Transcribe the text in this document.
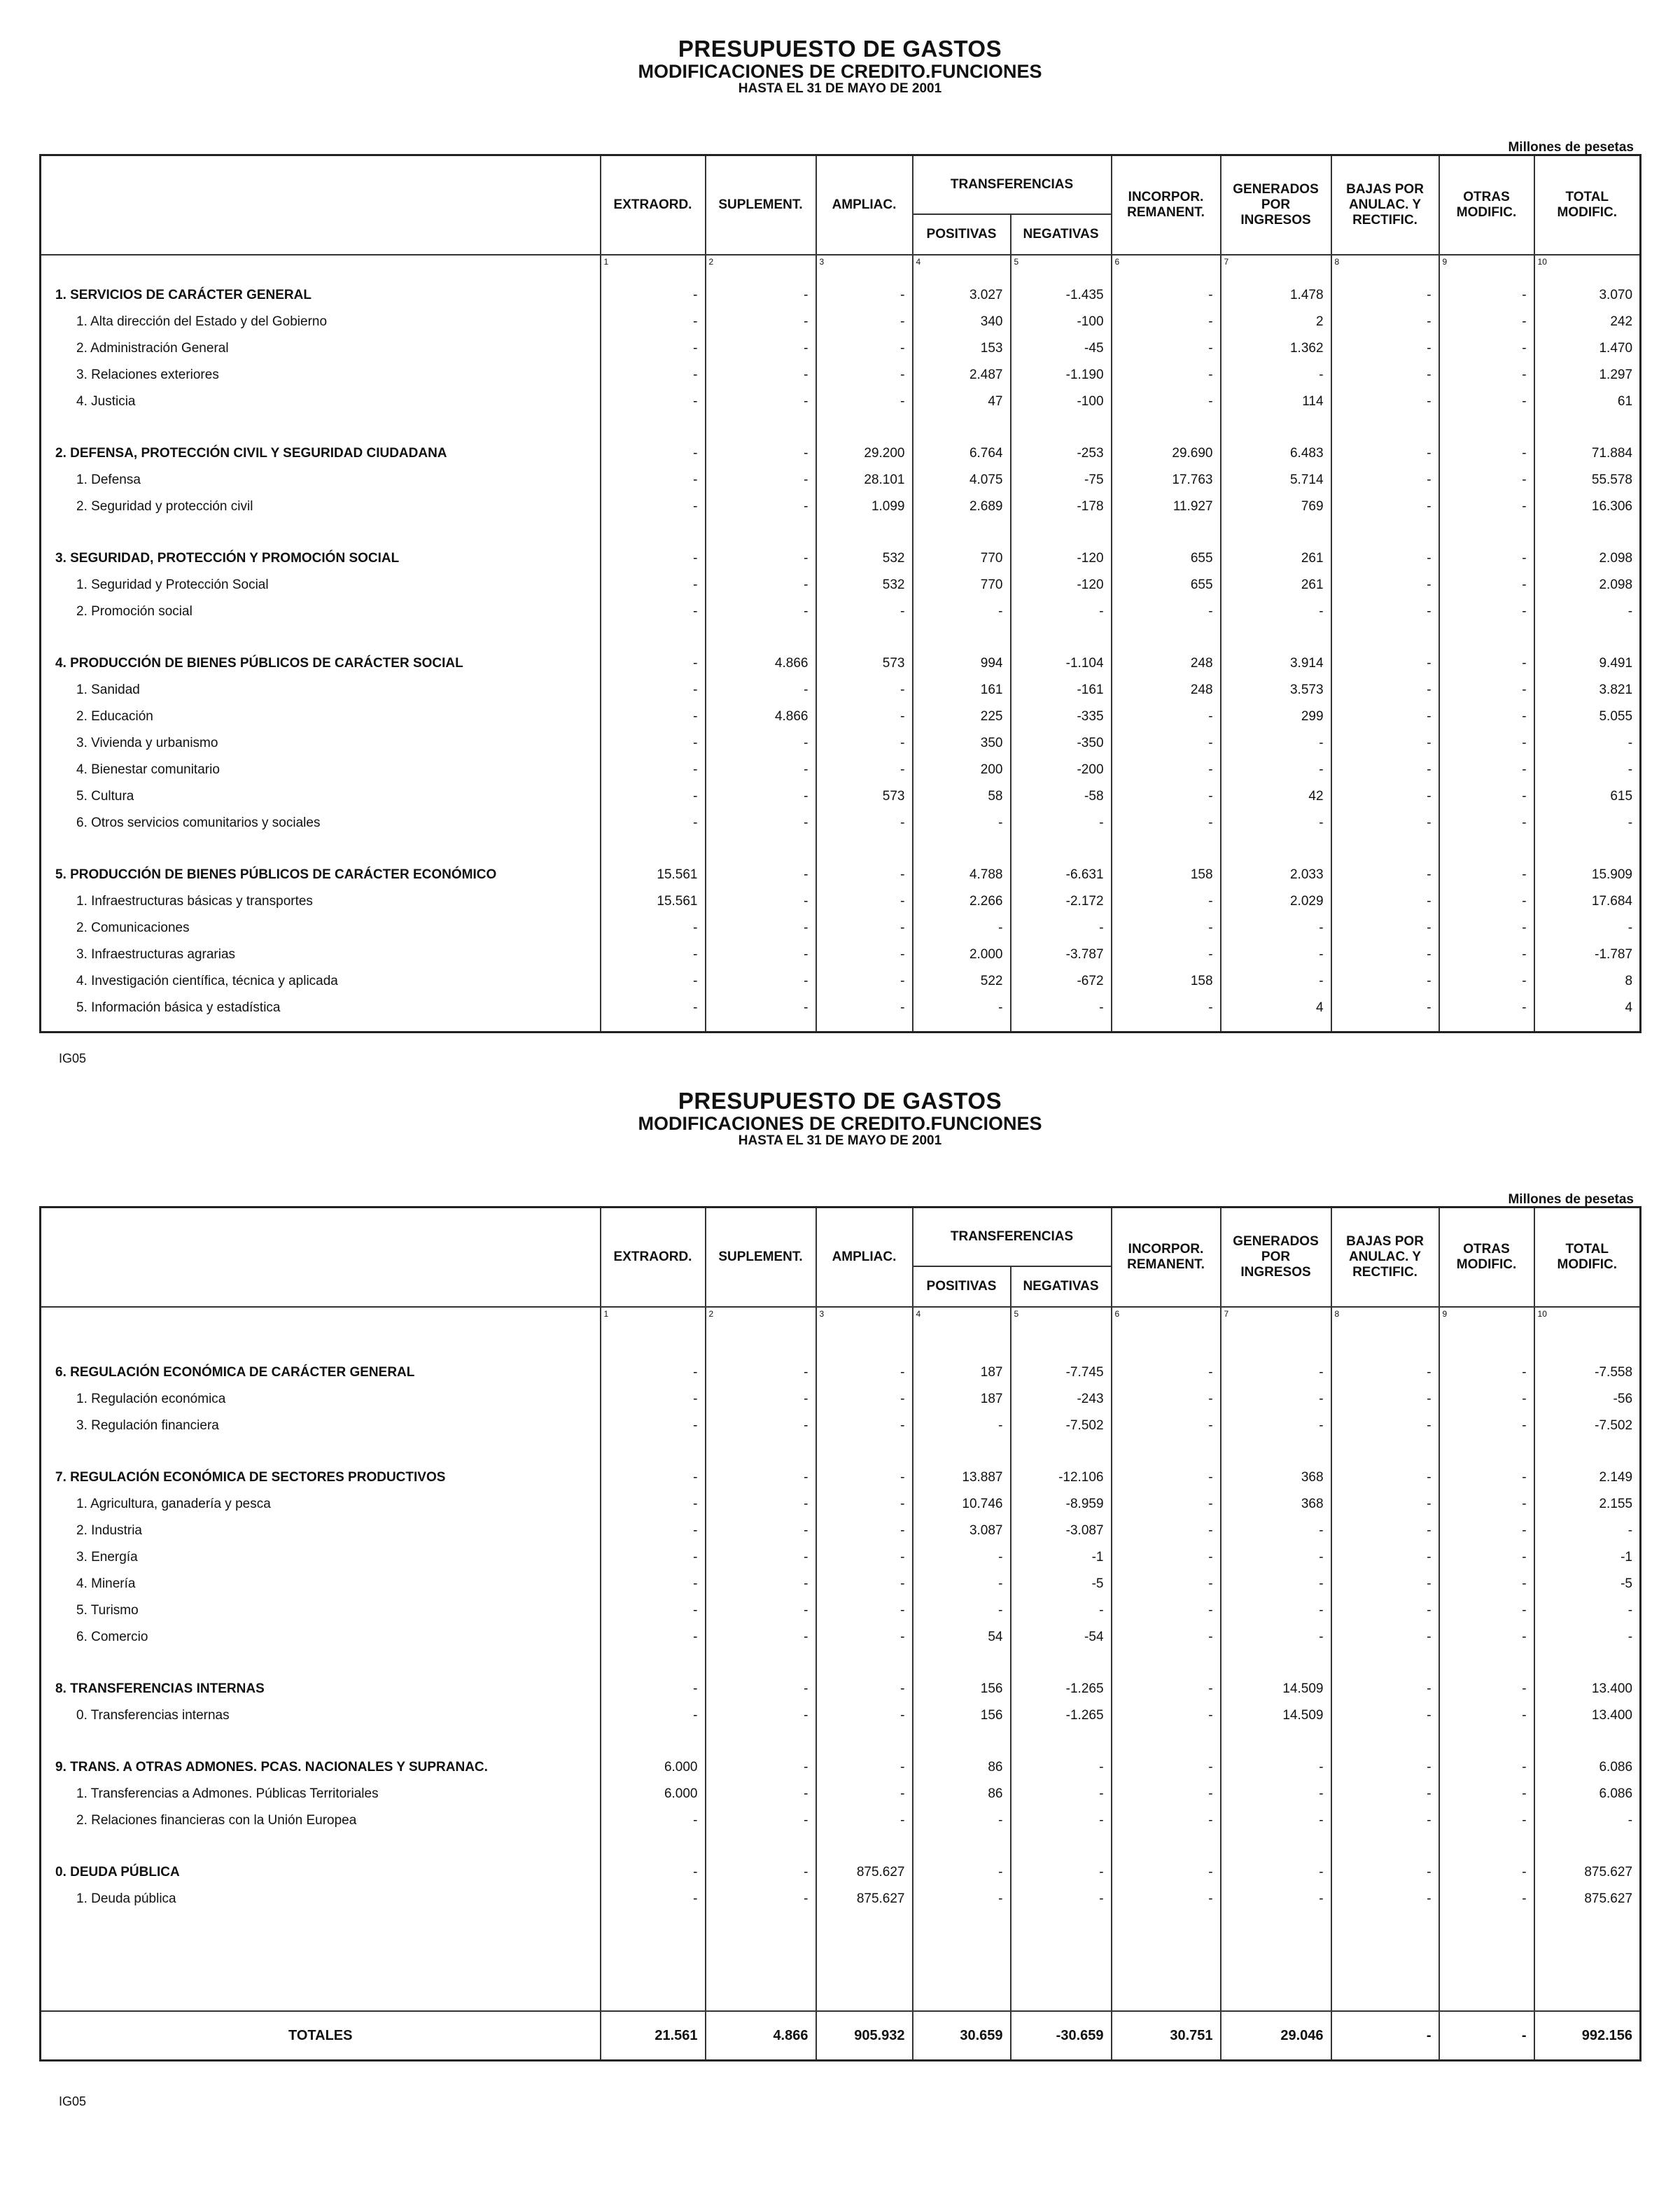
PRESUPUESTO DE GASTOS
MODIFICACIONES DE CREDITO.FUNCIONES
HASTA EL 31 DE MAYO DE 2001
Millones de pesetas
	EXTRAORD.	SUPLEMENT.	AMPLIAC.	TRANSFERENCIAS		INCORPOR.
REMANENT.	GENERADOS
POR
INGRESOS	BAJAS POR
ANULAC. Y
RECTIFIC.	OTRAS
MODIFIC.	TOTAL
MODIFIC.
				POSITIVAS	NEGATIVAS					
	1	2	3	4	5	6	7	8	9	10

1. SERVICIOS DE CARÁCTER GENERAL	-	-	-	3.027	-1.435	-	1.478	-	-	3.070
1. Alta dirección del Estado y del Gobierno	-	-	-	340	-100	-	2	-	-	242
2. Administración General	-	-	-	153	-45	-	1.362	-	-	1.470
3. Relaciones exteriores	-	-	-	2.487	-1.190	-	-	-	-	1.297
4. Justicia	-	-	-	47	-100	-	114	-	-	61

2. DEFENSA, PROTECCIÓN CIVIL Y SEGURIDAD CIUDADANA	-	-	29.200	6.764	-253	29.690	6.483	-	-	71.884
1. Defensa	-	-	28.101	4.075	-75	17.763	5.714	-	-	55.578
2. Seguridad y protección civil	-	-	1.099	2.689	-178	11.927	769	-	-	16.306

3. SEGURIDAD, PROTECCIÓN Y PROMOCIÓN SOCIAL	-	-	532	770	-120	655	261	-	-	2.098
1. Seguridad y Protección Social	-	-	532	770	-120	655	261	-	-	2.098
2. Promoción social	-	-	-	-	-	-	-	-	-	-

4. PRODUCCIÓN DE BIENES PÚBLICOS DE CARÁCTER SOCIAL	-	4.866	573	994	-1.104	248	3.914	-	-	9.491
1. Sanidad	-	-	-	161	-161	248	3.573	-	-	3.821
2. Educación	-	4.866	-	225	-335	-	299	-	-	5.055
3. Vivienda y urbanismo	-	-	-	350	-350	-	-	-	-	-
4. Bienestar comunitario	-	-	-	200	-200	-	-	-	-	-
5. Cultura	-	-	573	58	-58	-	42	-	-	615
6. Otros servicios comunitarios y sociales	-	-	-	-	-	-	-	-	-	-

5. PRODUCCIÓN DE BIENES PÚBLICOS DE CARÁCTER ECONÓMICO	15.561	-	-	4.788	-6.631	158	2.033	-	-	15.909
1. Infraestructuras básicas y transportes	15.561	-	-	2.266	-2.172	-	2.029	-	-	17.684
2. Comunicaciones	-	-	-	-	-	-	-	-	-	-
3. Infraestructuras agrarias	-	-	-	2.000	-3.787	-	-	-	-	-1.787
4. Investigación científica, técnica y aplicada	-	-	-	522	-672	158	-	-	-	8
5. Información básica y estadística	-	-	-	-	-	-	4	-	-	4

IG05
PRESUPUESTO DE GASTOS
MODIFICACIONES DE CREDITO.FUNCIONES
HASTA EL 31 DE MAYO DE 2001
Millones de pesetas
	EXTRAORD.	SUPLEMENT.	AMPLIAC.	TRANSFERENCIAS		INCORPOR.
REMANENT.	GENERADOS
POR
INGRESOS	BAJAS POR
ANULAC. Y
RECTIFIC.	OTRAS
MODIFIC.	TOTAL
MODIFIC.
				POSITIVAS	NEGATIVAS					
	1	2	3	4	5	6	7	8	9	10

6. REGULACIÓN ECONÓMICA DE CARÁCTER GENERAL	-	-	-	187	-7.745	-	-	-	-	-7.558
1. Regulación económica	-	-	-	187	-243	-	-	-	-	-56
3. Regulación financiera	-	-	-	-	-7.502	-	-	-	-	-7.502

7. REGULACIÓN ECONÓMICA DE SECTORES PRODUCTIVOS	-	-	-	13.887	-12.106	-	368	-	-	2.149
1. Agricultura, ganadería y pesca	-	-	-	10.746	-8.959	-	368	-	-	2.155
2. Industria	-	-	-	3.087	-3.087	-	-	-	-	-
3. Energía	-	-	-	-	-1	-	-	-	-	-1
4. Minería	-	-	-	-	-5	-	-	-	-	-5
5. Turismo	-	-	-	-	-	-	-	-	-	-
6. Comercio	-	-	-	54	-54	-	-	-	-	-

8. TRANSFERENCIAS INTERNAS	-	-	-	156	-1.265	-	14.509	-	-	13.400
0. Transferencias internas	-	-	-	156	-1.265	-	14.509	-	-	13.400

9. TRANS. A OTRAS ADMONES. PCAS. NACIONALES Y SUPRANAC.	6.000	-	-	86	-	-	-	-	-	6.086
1. Transferencias a Admones. Públicas Territoriales	6.000	-	-	86	-	-	-	-	-	6.086
2. Relaciones financieras con la Unión Europea	-	-	-	-	-	-	-	-	-	-

0. DEUDA PÚBLICA	-	-	875.627	-	-	-	-	-	-	875.627
1. Deuda pública	-	-	875.627	-	-	-	-	-	-	875.627

TOTALES	21.561	4.866	905.932	30.659	-30.659	30.751	29.046	-	-	992.156
IG05
